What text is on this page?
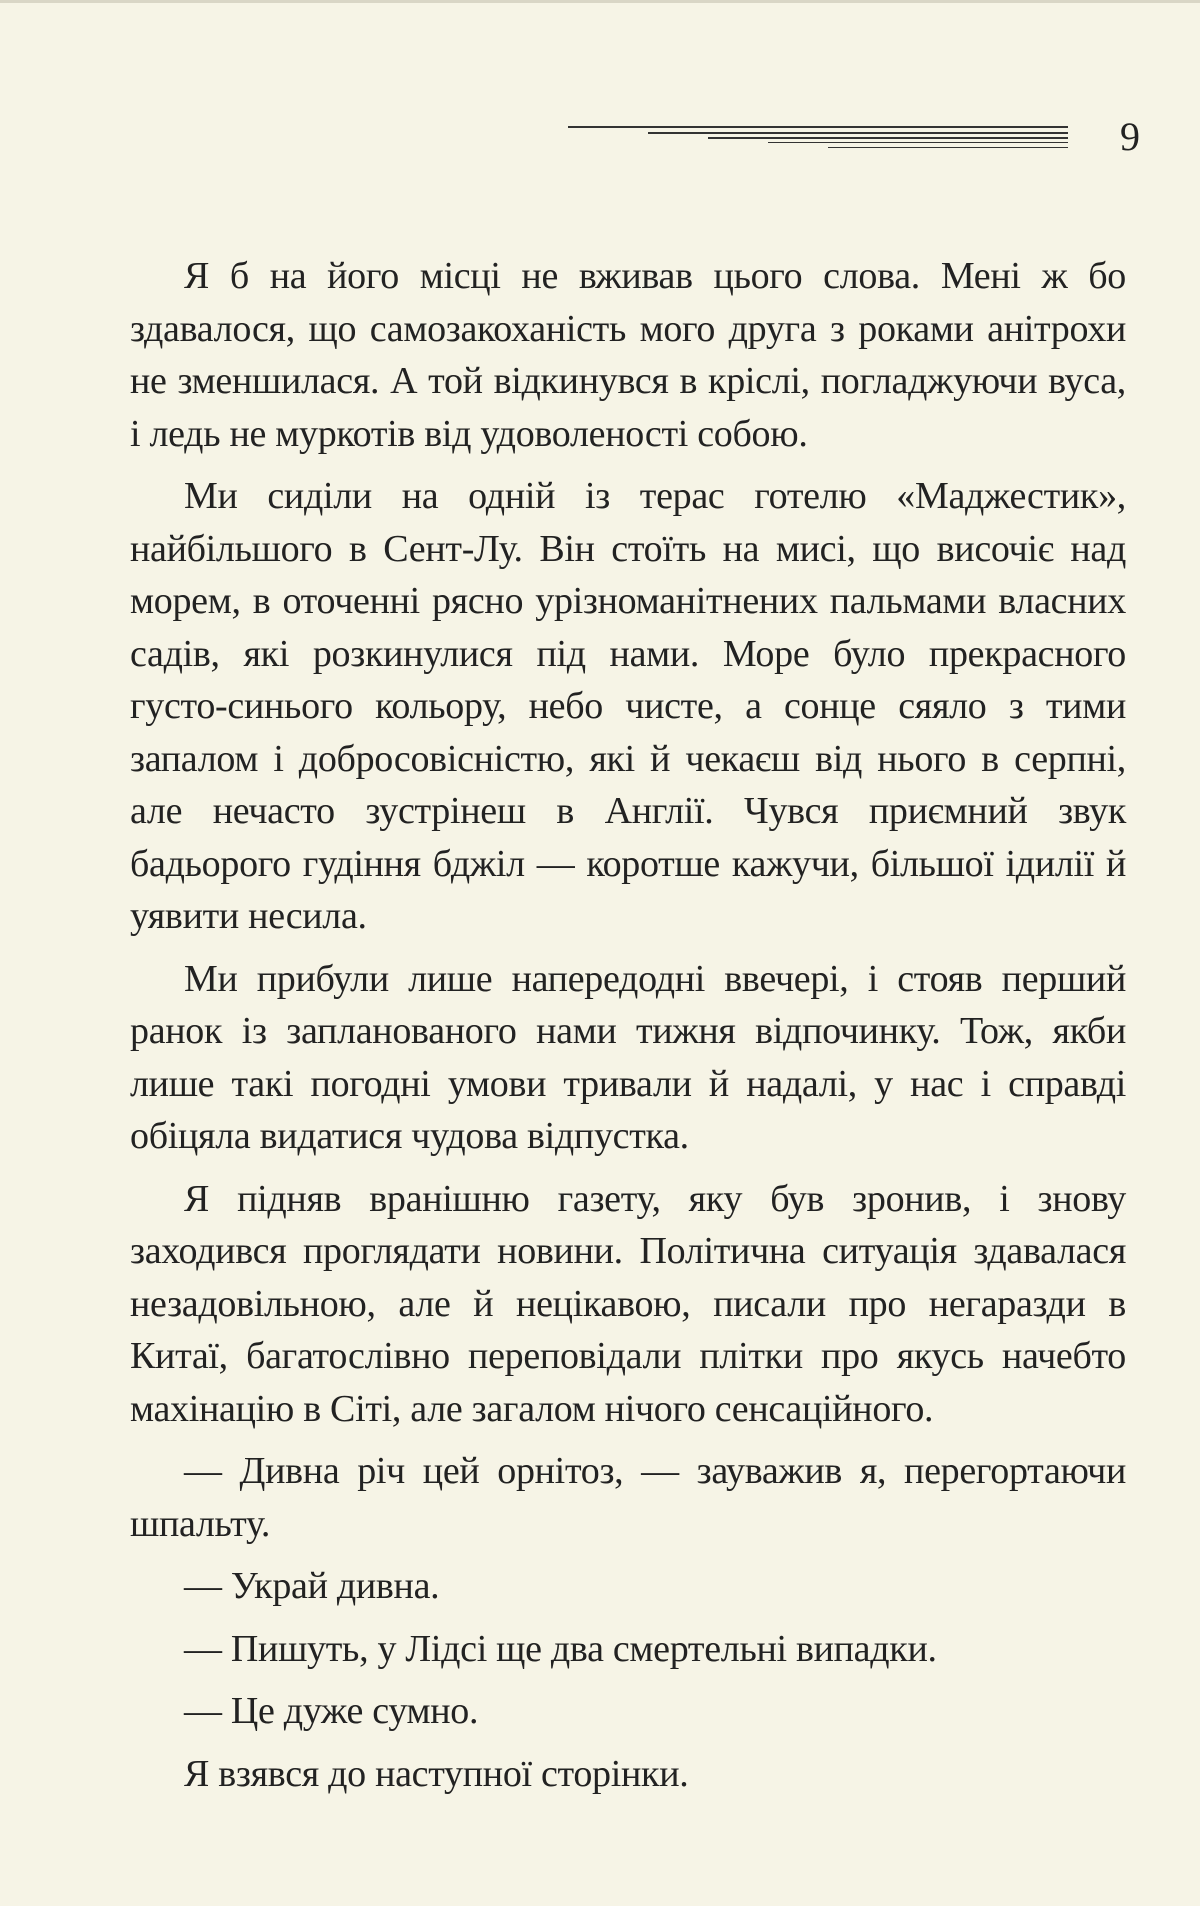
9

Я б на його місці не вживав цього слова. Мені ж бо здавалося, що самозакоханість мого друга з роками анітрохи не зменшилася. А той відкинувся в кріслі, погладжуючи вуса, і ледь не муркотів від удоволеності собою.

Ми сиділи на одній із терас готелю «Маджестик», найбільшого в Сент-Лу. Він стоїть на мисі, що височіє над морем, в оточенні рясно урізноманітнених пальмами власних садів, які розкинулися під нами. Море було прекрасного густо-синього кольору, небо чисте, а сонце сяяло з тими запалом і добросовісністю, які й чекаєш від нього в серпні, але нечасто зустрінеш в Англії. Чувся приємний звук бадьорого гудіння бджіл — коротше кажучи, більшої ідилії й уявити несила.

Ми прибули лише напередодні ввечері, і стояв перший ранок із запланованого нами тижня відпочинку. Тож, якби лише такі погодні умови тривали й надалі, у нас і справді обіцяла видатися чудова відпустка.

Я підняв вранішню газету, яку був зронив, і знову заходився проглядати новини. Політична ситуація здавалася незадовільною, але й нецікавою, писали про негаразди в Китаї, багатослівно переповідали плітки про якусь начебто махінацію в Сіті, але загалом нічого сенсаційного.

— Дивна річ цей орнітоз, — зауважив я, перегортаючи шпальту.

— Украй дивна.

— Пишуть, у Лідсі ще два смертельні випадки.

— Це дуже сумно.

Я взявся до наступної сторінки.
